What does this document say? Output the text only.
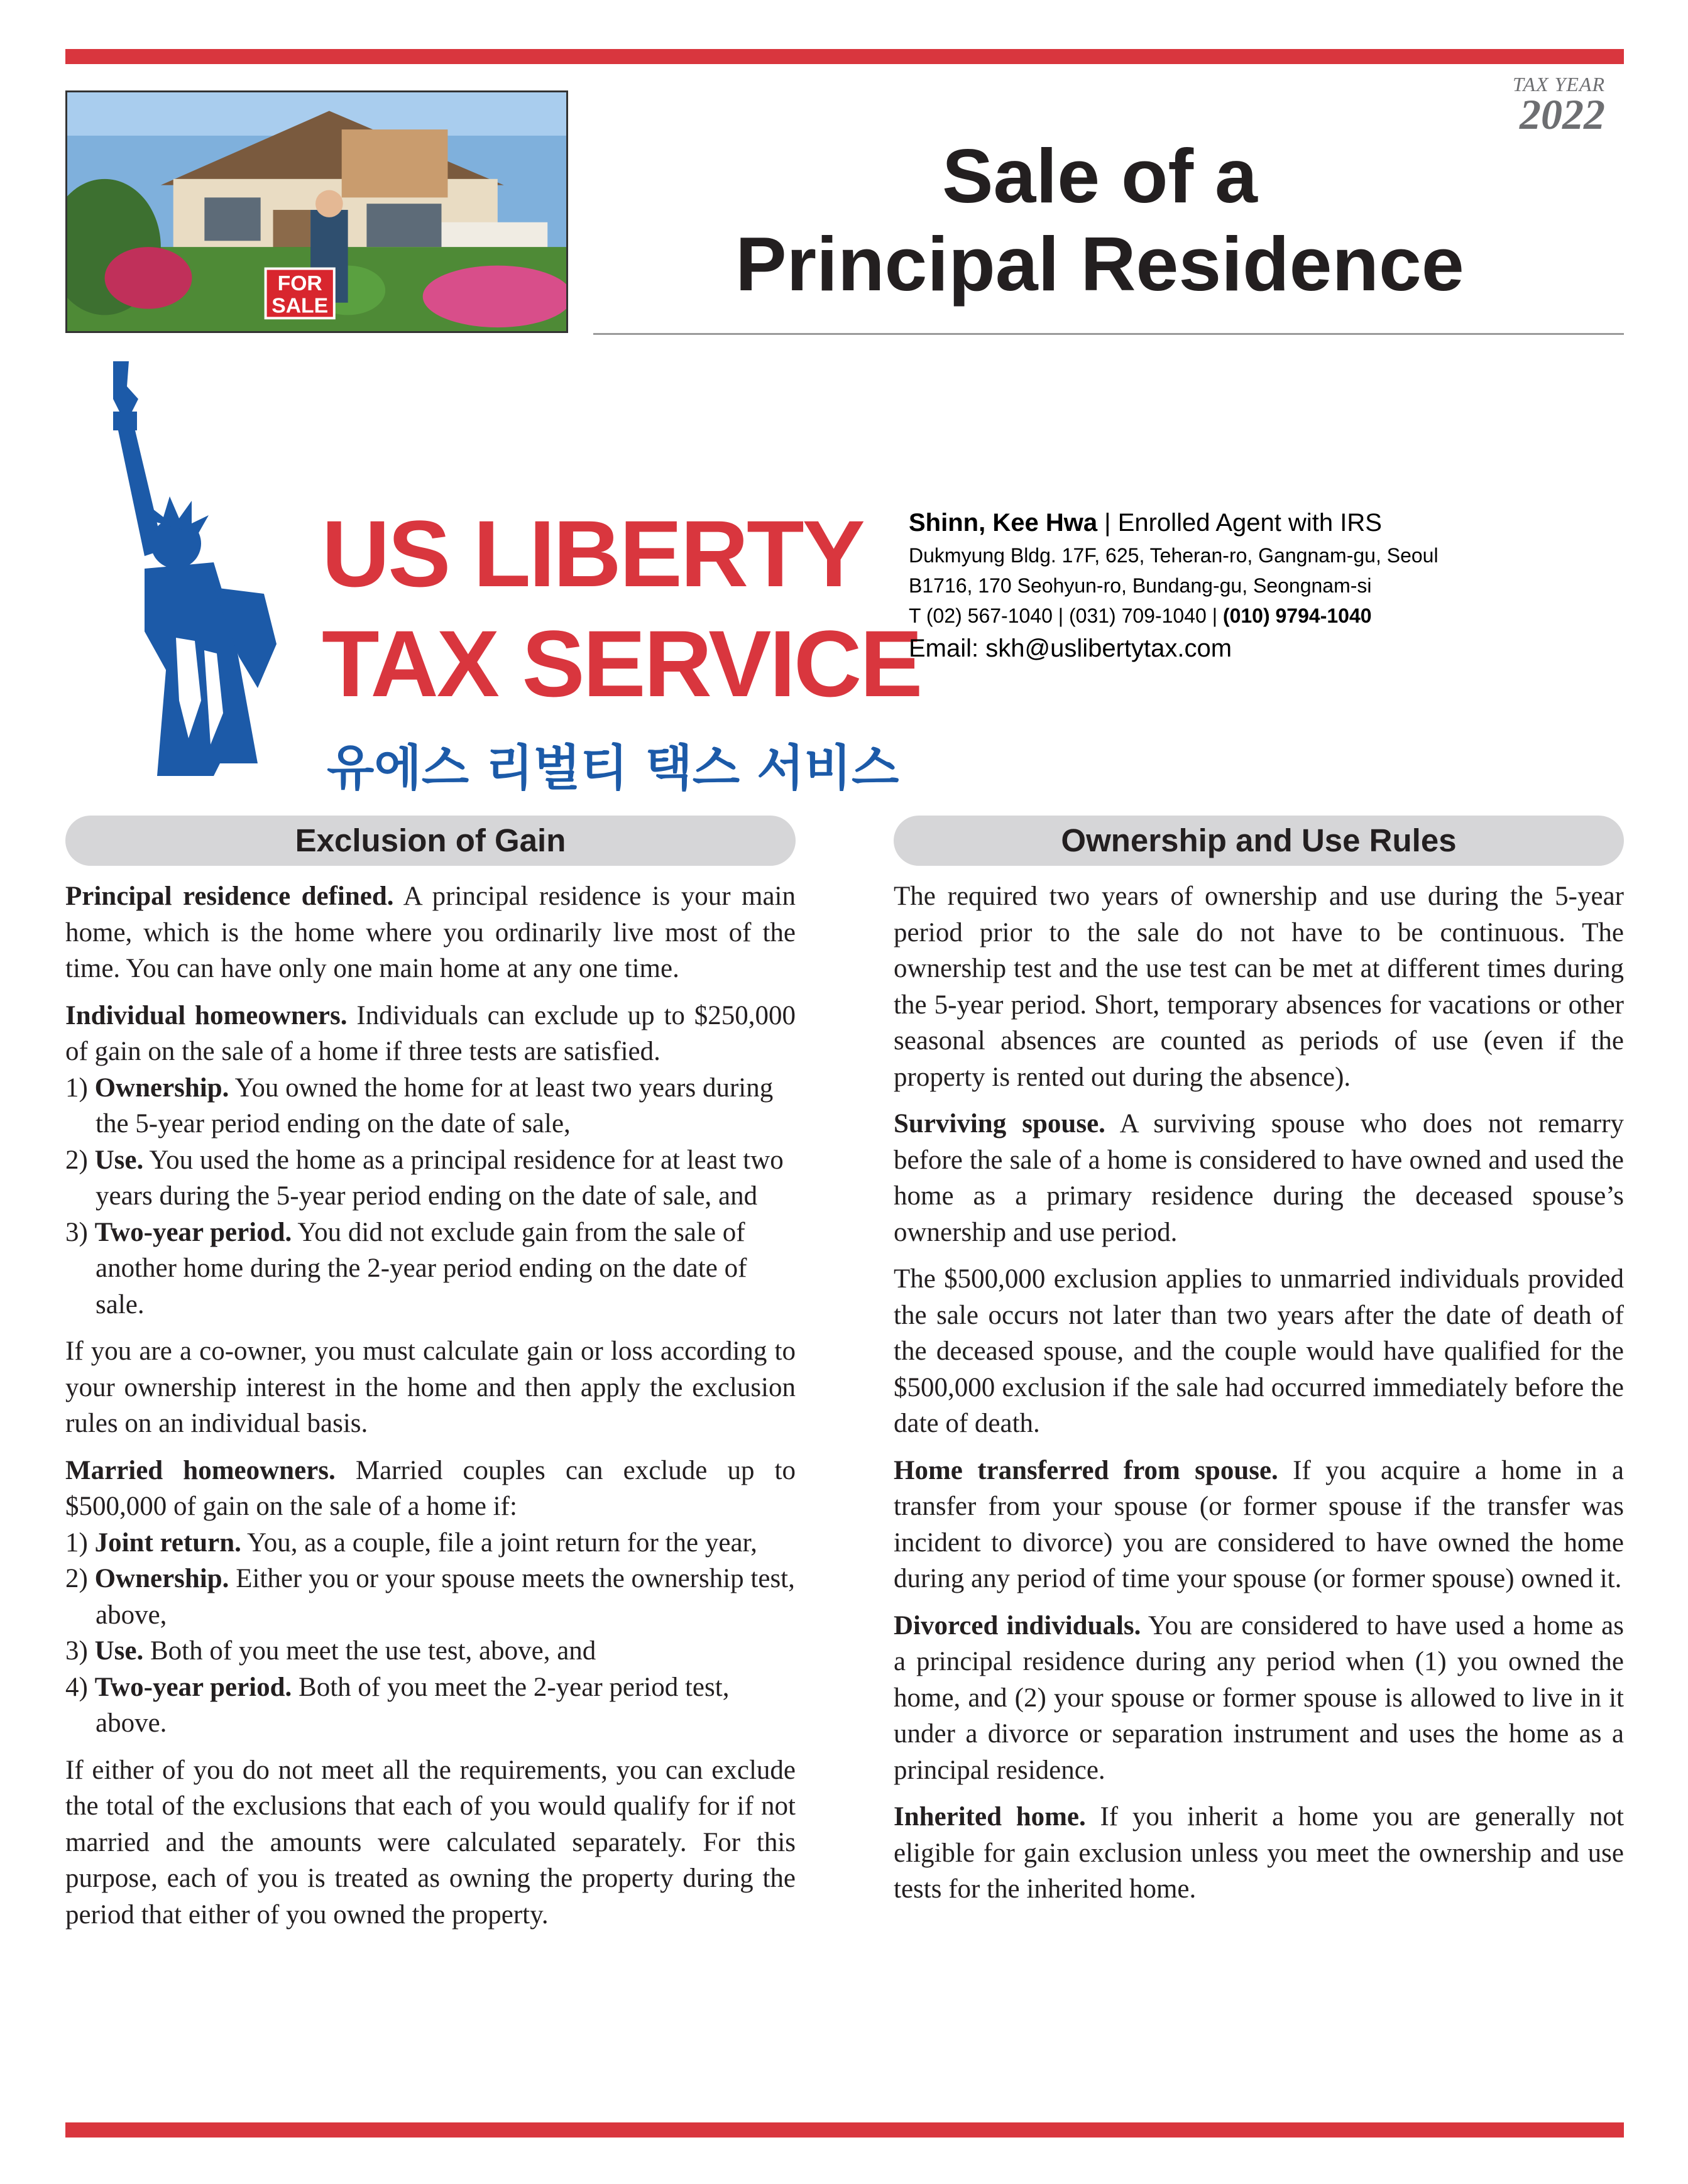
FOR
SALE
TAX YEAR
2022
Sale of a
Principal Residence
US LIBERTY
TAX SERVICE
유에스 리벌티 택스 서비스
Shinn, Kee Hwa | Enrolled Agent with IRS
Dukmyung Bldg. 17F, 625, Teheran-ro, Gangnam-gu, Seoul
B1716, 170 Seohyun-ro, Bundang-gu, Seongnam-si
T (02) 567-1040 | (031) 709-1040 | (010) 9794-1040
Email: skh@uslibertytax.com
Exclusion of Gain	Ownership and Use Rules

Principal residence defined. A principal residence is your main home, which is the home where you ordinarily live most of the time. You can have only one main home at any one time.

Individual homeowners. Individuals can exclude up to $250,000 of gain on the sale of a home if three tests are satisfied.

1) Ownership. You owned the home for at least two years during the 5-year period ending on the date of sale,
2) Use. You used the home as a principal residence for at least two years during the 5-year period ending on the date of sale, and
3) Two-year period. You did not exclude gain from the sale of another home during the 2-year period ending on the date of sale.

If you are a co-owner, you must calculate gain or loss according to your ownership interest in the home and then apply the exclusion rules on an individual basis.

Married homeowners. Married couples can exclude up to $500,000 of gain on the sale of a home if:

1) Joint return. You, as a couple, file a joint return for the year,
2) Ownership. Either you or your spouse meets the ownership test, above,
3) Use. Both of you meet the use test, above, and
4) Two-year period. Both of you meet the 2-year period test, above.

If either of you do not meet all the requirements, you can exclude the total of the exclusions that each of you would qualify for if not married and the amounts were calculated separately. For this purpose, each of you is treated as owning the property during the period that either of you owned the property.

The required two years of ownership and use during the 5-year period prior to the sale do not have to be continuous. The ownership test and the use test can be met at different times during the 5-year period. Short, temporary absences for vacations or other seasonal absences are counted as periods of use (even if the property is rented out during the absence).

Surviving spouse. A surviving spouse who does not remarry before the sale of a home is considered to have owned and used the home as a primary residence during the deceased spouse’s ownership and use period.

The $500,000 exclusion applies to unmarried individuals provided the sale occurs not later than two years after the date of death of the deceased spouse, and the couple would have qualified for the $500,000 exclusion if the sale had occurred immediately before the date of death.

Home transferred from spouse. If you acquire a home in a transfer from your spouse (or former spouse if the transfer was incident to divorce) you are considered to have owned the home during any period of time your spouse (or former spouse) owned it.

Divorced individuals. You are considered to have used a home as a principal residence during any period when (1) you owned the home, and (2) your spouse or former spouse is allowed to live in it under a divorce or separation instrument and uses the home as a principal residence.

Inherited home. If you inherit a home you are generally not eligible for gain exclusion unless you meet the ownership and use tests for the inherited home.
